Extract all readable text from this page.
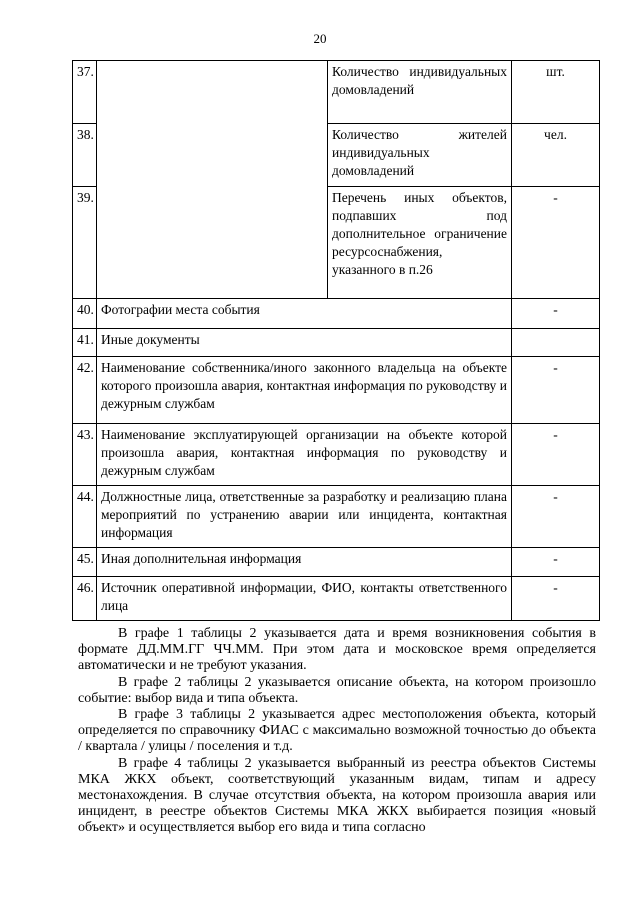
20
37.		Количество индивидуальных домовладений	шт.
38.		Количество жителей индивидуальных домовладений	чел.
39.		Перечень иных объектов, подпавших под дополнительное ограничение ресурсоснабжения, указанного в п.26	-
40.	Фотографии места события		-
41.	Иные документы		
42.	Наименование собственника/иного законного владельца на объекте которого произошла авария, контактная информация по руководству и дежурным службам		-
43.	Наименование эксплуатирующей организации на объекте которой произошла авария, контактная информация по руководству и дежурным службам		-
44.	Должностные лица, ответственные за разработку и реализацию плана мероприятий по устранению аварии или инцидента, контактная информация		-
45.	Иная дополнительная информация		-
46.	Источник оперативной информации, ФИО, контакты ответственного лица		-

В графе 1 таблицы 2 указывается дата и время возникновения события в формате ДД.ММ.ГГ ЧЧ.ММ. При этом дата и московское время определяется автоматически и не требуют указания.

В графе 2 таблицы 2 указывается описание объекта, на котором произошло событие: выбор вида и типа объекта.

В графе 3 таблицы 2 указывается адрес местоположения объекта, который определяется по справочнику ФИАС с максимально возможной точностью до объекта / квартала / улицы / поселения и т.д.

В графе 4 таблицы 2 указывается выбранный из реестра объектов Системы МКА ЖКХ объект, соответствующий указанным видам, типам и адресу местонахождения. В случае отсутствия объекта, на котором произошла авария или инцидент, в реестре объектов Системы МКА ЖКХ выбирается позиция «новый объект» и осуществляется выбор его вида и типа согласно
